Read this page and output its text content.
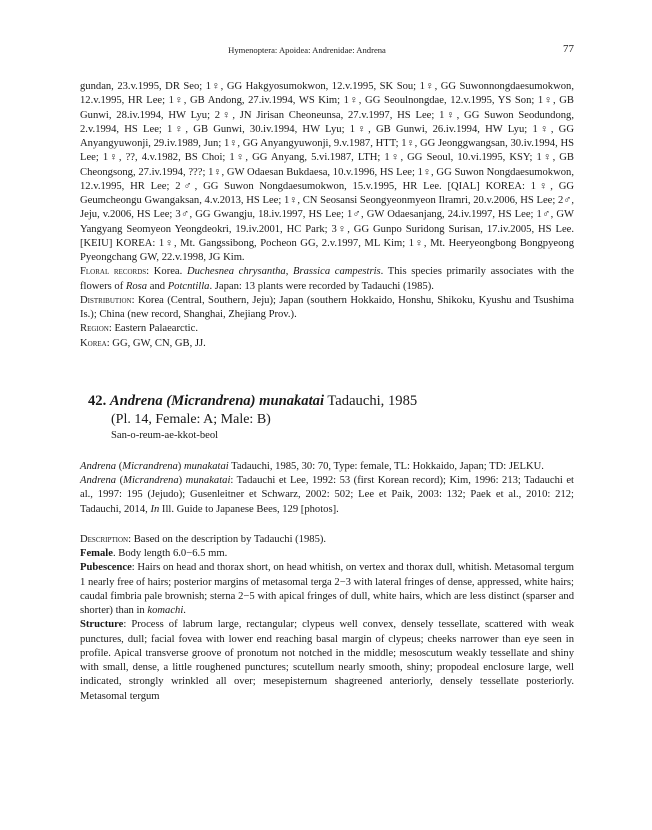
Hymenoptera: Apoidea: Andrenidae: Andrena	77

gundan, 23.v.1995, DR Seo; 1♀, GG Hakgyosumokwon, 12.v.1995, SK Sou; 1♀, GG Suwonnongdaesumokwon, 12.v.1995, HR Lee; 1♀, GB Andong, 27.iv.1994, WS Kim; 1♀, GG Seoulnongdae, 12.v.1995, YS Son; 1♀, GB Gunwi, 28.iv.1994, HW Lyu; 2♀, JN Jirisan Cheoneunsa, 27.v.1997, HS Lee; 1♀, GG Suwon Seodundong, 2.v.1994, HS Lee; 1♀, GB Gunwi, 30.iv.1994, HW Lyu; 1♀, GB Gunwi, 26.iv.1994, HW Lyu; 1♀, GG Anyangyuwonji, 29.iv.1989, Jun; 1♀, GG Anyangyuwonji, 9.v.1987, HTT; 1♀, GG Jeonggwangsan, 30.iv.1994, HS Lee; 1♀, ??, 4.v.1982, BS Choi; 1♀, GG Anyang, 5.vi.1987, LTH; 1♀, GG Seoul, 10.vi.1995, KSY; 1♀, GB Cheongsong, 27.iv.1994, ???; 1♀, GW Odaesan Bukdaesa, 10.v.1996, HS Lee; 1♀, GG Suwon Nongdaesumokwon, 12.v.1995, HR Lee; 2♂, GG Suwon Nongdaesumokwon, 15.v.1995, HR Lee. [QIAL] KOREA: 1♀, GG Geumcheongu Gwangaksan, 4.v.2013, HS Lee; 1♀, CN Seosansi Seongyeonmyeon Ilramri, 20.v.2006, HS Lee; 2♂, Jeju, v.2006, HS Lee; 3♂, GG Gwangju, 18.iv.1997, HS Lee; 1♂, GW Odaesanjang, 24.iv.1997, HS Lee; 1♂, GW Yangyang Seomyeon Yeongdeokri, 19.iv.2001, HC Park; 3♀, GG Gunpo Suridong Surisan, 17.iv.2005, HS Lee. [KEIU] KOREA: 1♀, Mt. Gangssibong, Pocheon GG, 2.v.1997, ML Kim; 1♀, Mt. Heeryeongbong Bongpyeong Pyeongchang GW, 22.v.1998, JG Kim.

Floral records: Korea. Duchesnea chrysantha, Brassica campestris. This species primarily associates with the flowers of Rosa and Potcntilla. Japan: 13 plants were recorded by Tadauchi (1985).

Distribution: Korea (Central, Southern, Jeju); Japan (southern Hokkaido, Honshu, Shikoku, Kyushu and Tsushima Is.); China (new record, Shanghai, Zhejiang Prov.).

Region: Eastern Palaearctic.

Korea: GG, GW, CN, GB, JJ.

42. Andrena (Micrandrena) munakatai Tadauchi, 1985
(Pl. 14, Female: A; Male: B)
San-o-reum-ae-kkot-beol

Andrena (Micrandrena) munakatai Tadauchi, 1985, 30: 70, Type: female, TL: Hokkaido, Japan; TD: JELKU.

Andrena (Micrandrena) munakatai: Tadauchi et Lee, 1992: 53 (first Korean record); Kim, 1996: 213; Tadauchi et al., 1997: 195 (Jejudo); Gusenleitner et Schwarz, 2002: 502; Lee et Paik, 2003: 132; Paek et al., 2010: 212; Tadauchi, 2014, In Ill. Guide to Japanese Bees, 129 [photos].

Description: Based on the description by Tadauchi (1985).

Female. Body length 6.0−6.5 mm.

Pubescence: Hairs on head and thorax short, on head whitish, on vertex and thorax dull, whitish. Metasomal tergum 1 nearly free of hairs; posterior margins of metasomal terga 2−3 with lateral fringes of dense, appressed, white hairs; caudal fimbria pale brownish; sterna 2−5 with apical fringes of dull, white hairs, which are less distinct (sparser and shorter) than in komachi.

Structure: Process of labrum large, rectangular; clypeus well convex, densely tessellate, scattered with weak punctures, dull; facial fovea with lower end reaching basal margin of clypeus; cheeks narrower than eye seen in profile. Apical transverse groove of pronotum not notched in the middle; mesoscutum weakly tessellate and shiny with small, dense, a little roughened punctures; scutellum nearly smooth, shiny; propodeal enclosure large, well indicated, strongly wrinkled all over; mesepisternum shagreened anteriorly, densely tessellate posteriorly. Metasomal tergum
